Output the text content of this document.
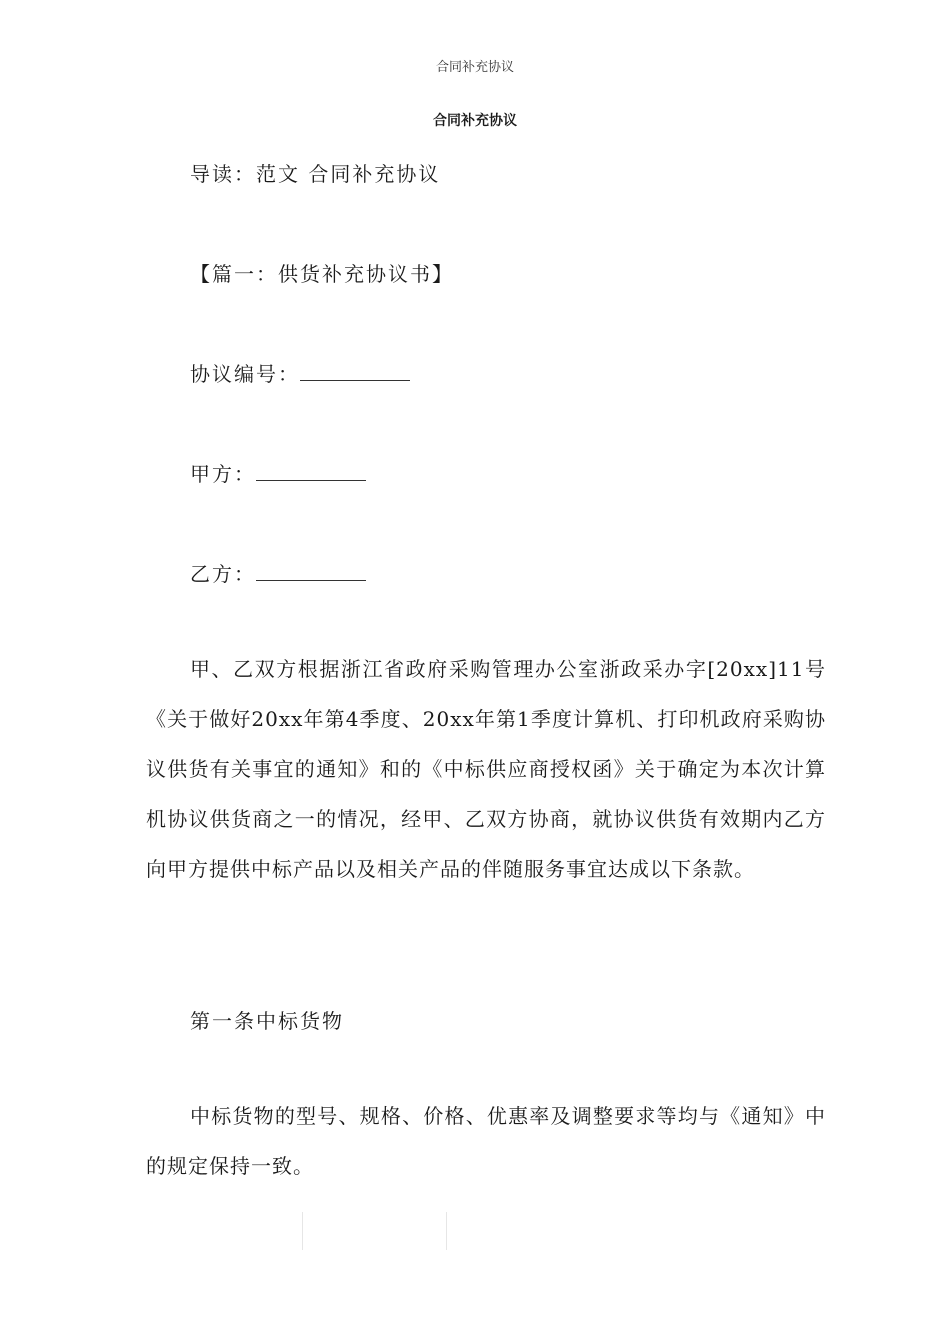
合同补充协议
合同补充协议
导读：范文 合同补充协议
【篇一：供货补充协议书】
协议编号：
甲方：
乙方：
甲、乙双方根据浙江省政府采购管理办公室浙政采办字[20xx]11号《关于做好20xx年第4季度、20xx年第1季度计算机、打印机政府采购协议供货有关事宜的通知》和的《中标供应商授权函》关于确定为本次计算机协议供货商之一的情况，经甲、乙双方协商，就协议供货有效期内乙方向甲方提供中标产品以及相关产品的伴随服务事宜达成以下条款。
第一条中标货物
中标货物的型号、规格、价格、优惠率及调整要求等均与《通知》中的规定保持一致。
